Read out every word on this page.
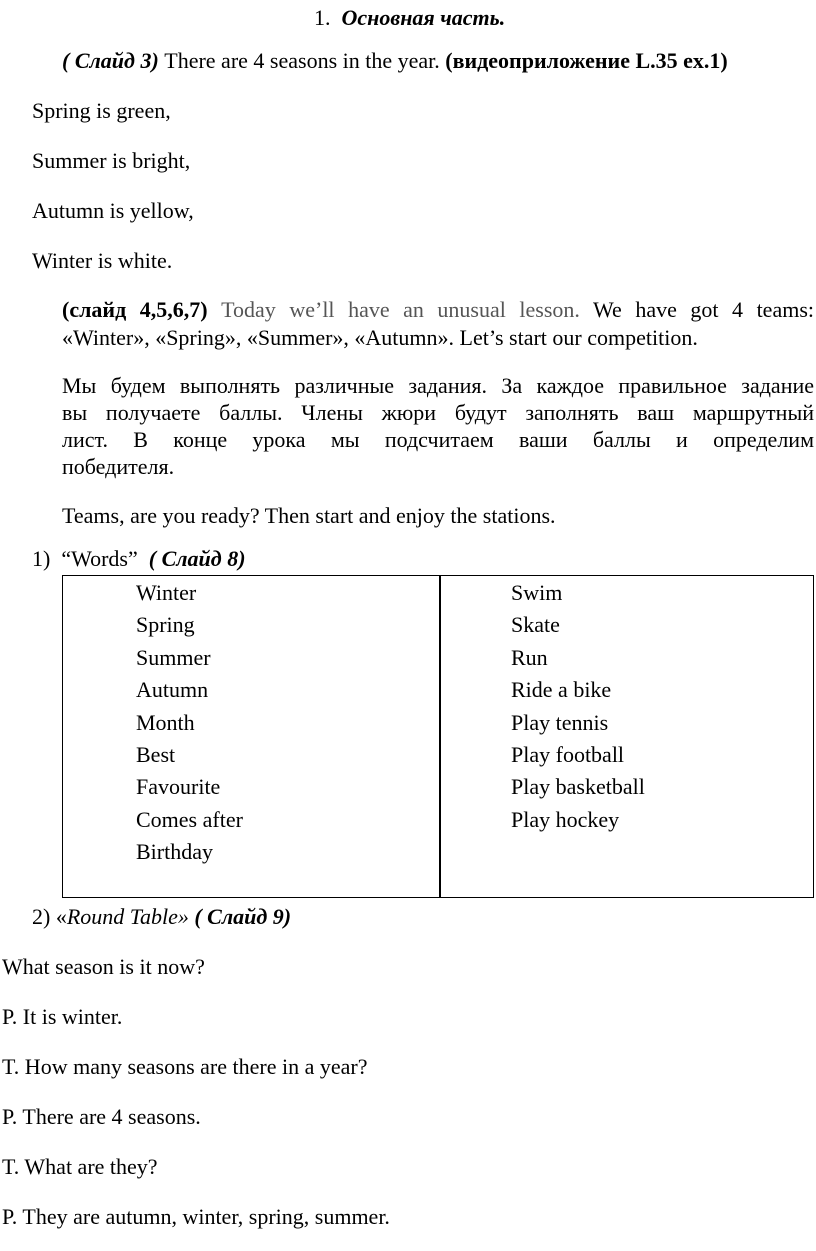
1. Основная часть.
( Слайд 3) There are 4 seasons in the year. (видеоприложение L.35 ex.1)
Spring is green,
Summer is bright,
Autumn is yellow,
Winter is white.
(слайд 4,5,6,7) Today we’ll have an unusual lesson. We have got 4 teams:
«Winter», «Spring», «Summer», «Autumn». Let’s start our competition.
Мы будем выполнять различные задания. За каждое правильное задание
вы получаете баллы. Члены жюри будут заполнять ваш маршрутный
лист. В конце урока мы подсчитаем ваши баллы и определим
победителя.
Teams, are you ready? Then start and enjoy the stations.
1) “Words” ( Слайд 8)
Winter
Spring
Summer
Autumn
Month
Best
Favourite
Comes after
Birthday
Swim
Skate
Run
Ride a bike
Play tennis
Play football
Play basketball
Play hockey
2) «Round Table» ( Слайд 9)
What season is it now?
P. It is winter.
T. How many seasons are there in a year?
P. There are 4 seasons.
T. What are they?
P. They are autumn, winter, spring, summer.
